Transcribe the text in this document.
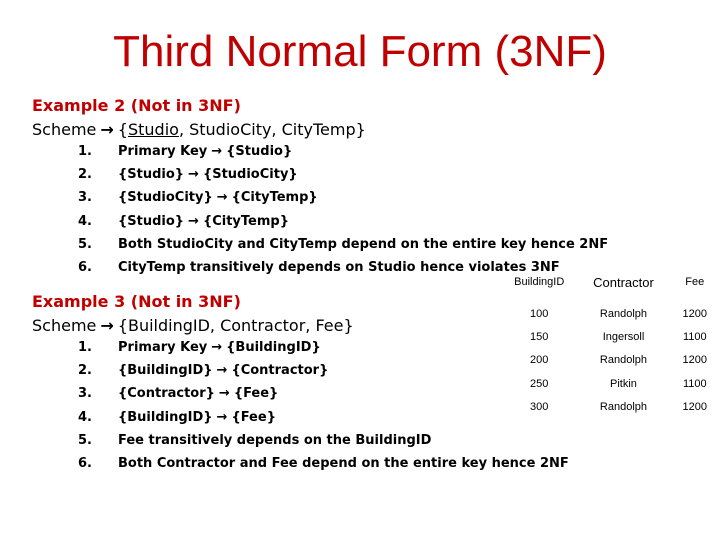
Third Normal Form (3NF)
Example 2 (Not in 3NF)
Scheme → {Studio, StudioCity, CityTemp}
1. Primary Key → {Studio}
2. {Studio} → {StudioCity}
3. {StudioCity} → {CityTemp}
4. {Studio} → {CityTemp}
5. Both StudioCity and CityTemp depend on the entire key hence 2NF
6. CityTemp transitively depends on Studio hence violates 3NF
Example 3 (Not in 3NF)
Scheme → {BuildingID, Contractor, Fee}
1. Primary Key → {BuildingID}
2. {BuildingID} → {Contractor}
3. {Contractor} → {Fee}
4. {BuildingID} → {Fee}
5. Fee transitively depends on the BuildingID
6. Both Contractor and Fee depend on the entire key hence 2NF
BuildingID	Contractor	Fee
100	Randolph	1200
150	Ingersoll	1100
200	Randolph	1200
250	Pitkin	1100
300	Randolph	1200
